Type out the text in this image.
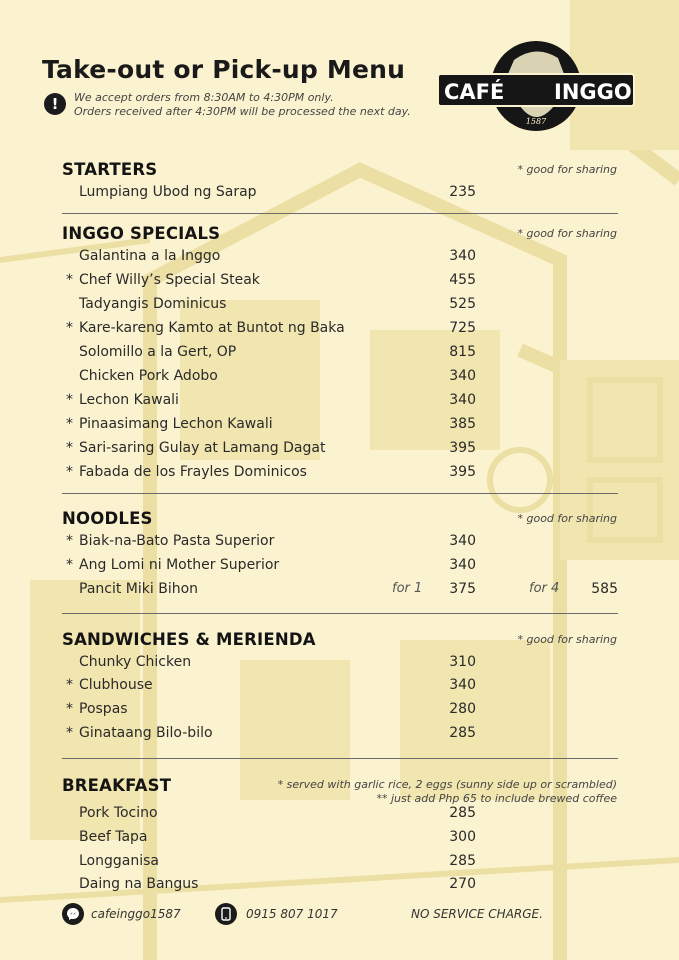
Take-out or Pick-up Menu
!	We accept orders from 8:30AM to 4:30PM only.
Orders received after 4:30PM will be processed the next day.
CAFÉ INGGO
1587
STARTERS	* good for sharing
Lumpiang Ubod ng Sarap	235
INGGO SPECIALS	* good for sharing
Galantina a la Inggo	340
* Chef Willy’s Special Steak	455
Tadyangis Dominicus	525
* Kare-kareng Kamto at Buntot ng Baka	725
Solomillo a la Gert, OP	815
Chicken Pork Adobo	340
* Lechon Kawali	340
* Pinaasimang Lechon Kawali	385
* Sari-saring Gulay at Lamang Dagat	395
* Fabada de los Frayles Dominicos	395
NOODLES	* good for sharing
* Biak-na-Bato Pasta Superior	340
* Ang Lomi ni Mother Superior	340
Pancit Miki Bihon	for 1 375	for 4 585
SANDWICHES & MERIENDA	* good for sharing
Chunky Chicken	310
* Clubhouse	340
* Pospas	280
* Ginataang Bilo-bilo	285
BREAKFAST	* served with garlic rice, 2 eggs (sunny side up or scrambled)
** just add Php 65 to include brewed coffee
Pork Tocino	285
Beef Tapa	300
Longganisa	285
Daing na Bangus	270
cafeinggo1587	0915 807 1017	NO SERVICE CHARGE.
